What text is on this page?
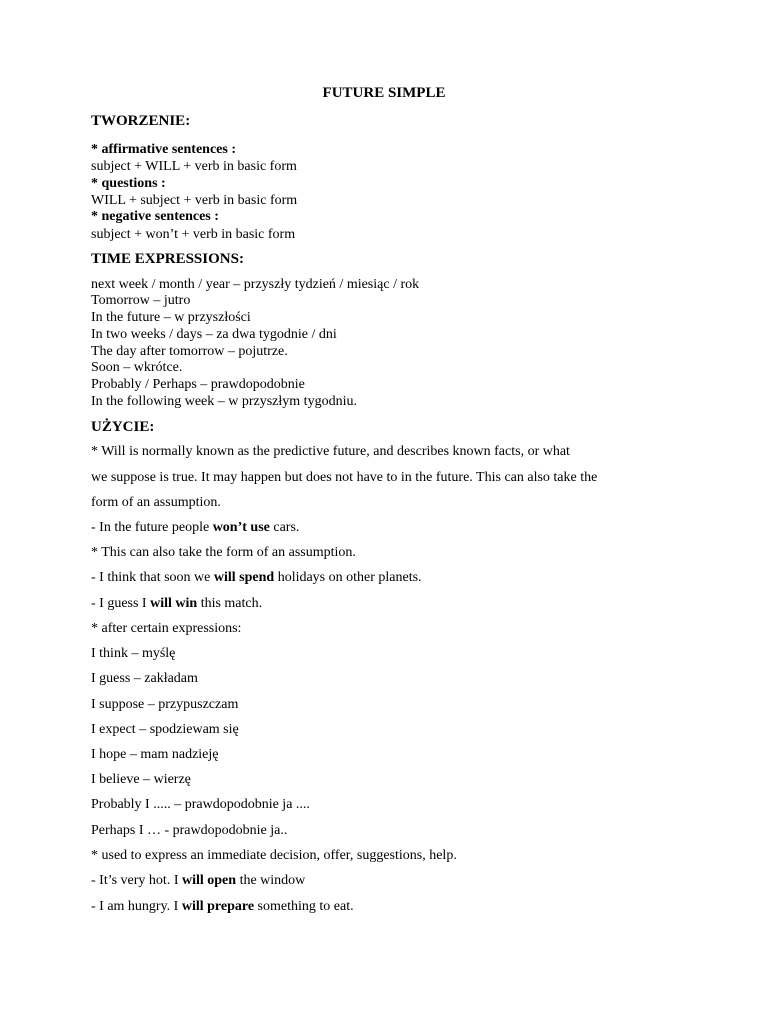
FUTURE SIMPLE
TWORZENIE:
* affirmative sentences :
subject + WILL + verb in basic form
* questions :
WILL + subject + verb in basic form
* negative sentences :
subject + won’t + verb in basic form
TIME EXPRESSIONS:
next week / month / year – przyszły tydzień / miesiąc / rok
Tomorrow – jutro
In the future – w przyszłości
In two weeks / days – za dwa tygodnie / dni
The day after tomorrow – pojutrze.
Soon – wkrótce.
Probably / Perhaps – prawdopodobnie
In the following week – w przyszłym tygodniu.
UŻYCIE:
* Will is normally known as the predictive future, and describes known facts, or what
we suppose is true. It may happen but does not have to in the future. This can also take the
form of an assumption.
- In the future people won’t use cars.
* This can also take the form of an assumption.
- I think that soon we will spend holidays on other planets.
- I guess I will win this match.
* after certain expressions:
I think – myślę
I guess – zakładam
I suppose – przypuszczam
I expect – spodziewam się
I hope – mam nadzieję
I believe – wierzę
Probably I ..... – prawdopodobnie ja ....
Perhaps I … - prawdopodobnie ja..
* used to express an immediate decision, offer, suggestions, help.
- It’s very hot. I will open the window
- I am hungry. I will prepare something to eat.
